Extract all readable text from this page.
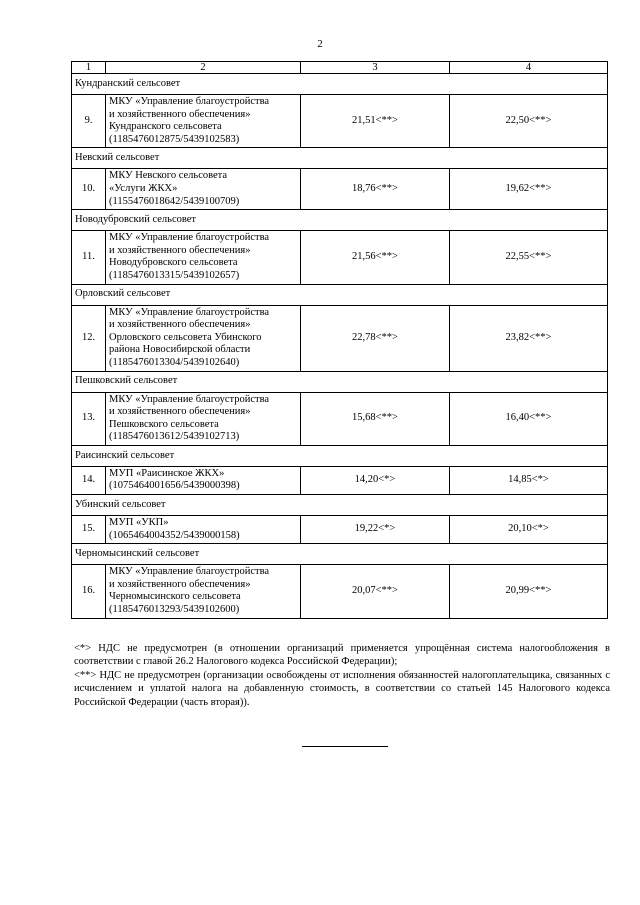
2
1	2	3	4
Кундранский сельсовет			
9.	МКУ «Управление благоустройства
и хозяйственного обеспечения»
Кундранского сельсовета
(1185476012875/5439102583)	21,51<**>	22,50<**>
Невский сельсовет			
10.	МКУ Невского сельсовета
«Услуги ЖКХ»
(1155476018642/5439100709)	18,76<**>	19,62<**>
Новодубровский сельсовет			
11.	МКУ «Управление благоустройства
и хозяйственного обеспечения»
Новодубровского сельсовета
(1185476013315/5439102657)	21,56<**>	22,55<**>
Орловский сельсовет			
12.	МКУ «Управление благоустройства
и хозяйственного обеспечения»
Орловского сельсовета Убинского
района Новосибирской области
(1185476013304/5439102640)	22,78<**>	23,82<**>
Пешковский сельсовет			
13.	МКУ «Управление благоустройства
и хозяйственного обеспечения»
Пешковского сельсовета
(1185476013612/5439102713)	15,68<**>	16,40<**>
Раисинский сельсовет			
14.	МУП «Раисинское ЖКХ»
(1075464001656/5439000398)	14,20<*>	14,85<*>
Убинский сельсовет			
15.	МУП «УКП»
(1065464004352/5439000158)	19,22<*>	20,10<*>
Черномысинский сельсовет			
16.	МКУ «Управление благоустройства
и хозяйственного обеспечения»
Черномысинского сельсовета
(1185476013293/5439102600)	20,07<**>	20,99<**>

<*> НДС не предусмотрен (в отношении организаций применяется упрощённая система налогообложения в соответствии с главой 26.2 Налогового кодекса Российской Федерации);

<**> НДС не предусмотрен (организации освобождены от исполнения обязанностей налогоплательщика, связанных с исчислением и уплатой налога на добавленную стоимость, в соответствии со статьей 145 Налогового кодекса Российской Федерации (часть вторая)).
